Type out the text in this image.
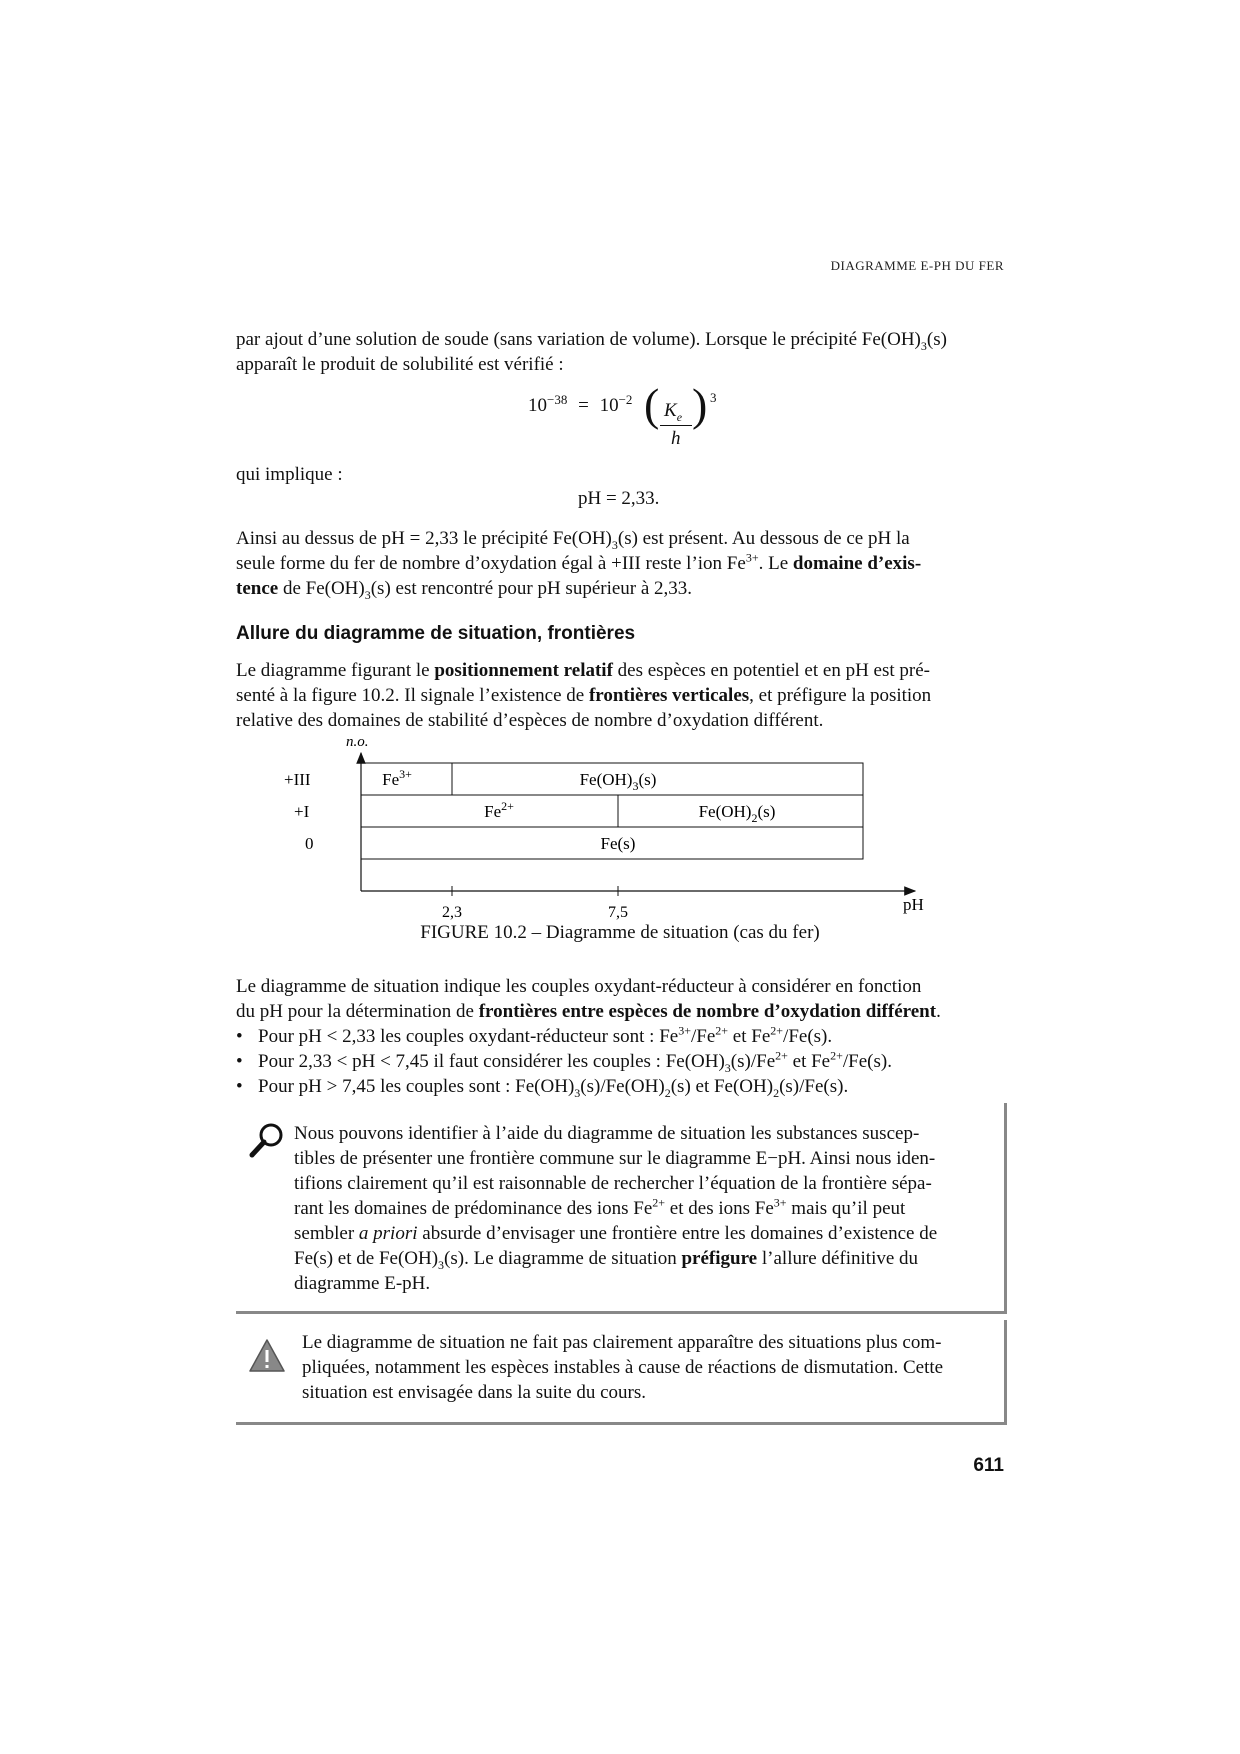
DIAGRAMME E-PH DU FER
par ajout d’une solution de soude (sans variation de volume). Lorsque le précipité $Fe(OH)_3(s)$
apparaît le produit de solubilité est vérifié :
$10^{-38} = 10^{-2}$ ( $K_e$
h
) 3
qui implique :
pH = 2,33.
Ainsi au dessus de pH = 2,33 le précipité $Fe(OH)_3(s)$ est présent. Au dessous de ce pH la
seule forme du fer de nombre d’oxydation égal à +III reste l’ion $Fe^{3+}$. Le domaine d’exis-
tence de $Fe(OH)_3(s)$ est rencontré pour pH supérieur à 2,33.
Allure du diagramme de situation, frontières
Le diagramme figurant le positionnement relatif des espèces en potentiel et en pH est pré-
senté à la figure 10.2. Il signale l’existence de frontières verticales, et préfigure la position
relative des domaines de stabilité d’espèces de nombre d’oxydation différent.
n.o.
pH
+III	$Fe^{3+}$	$Fe(OH)_3(s)$
+I	$Fe^{2+}$	$Fe(OH)_2(s)$
0	Fe(s)
2,3	7,5
FIGURE 10.2 – Diagramme de situation (cas du fer)
Le diagramme de situation indique les couples oxydant-réducteur à considérer en fonction
du pH pour la détermination de frontières entre espèces de nombre d’oxydation différent.
• Pour pH < 2,33 les couples oxydant-réducteur sont : $Fe^{3+}/Fe^{2+}$ et $Fe^{2+}/Fe(s)$.
• Pour 2,33 < pH < 7,45 il faut considérer les couples : $Fe(OH)_3(s)/Fe^{2+}$ et $Fe^{2+}/Fe(s)$.
• Pour pH > 7,45 les couples sont : $Fe(OH)_3(s)/Fe(OH)_2(s)$ et $Fe(OH)_2(s)/Fe(s)$.
Nous pouvons identifier à l’aide du diagramme de situation les substances suscep-
tibles de présenter une frontière commune sur le diagramme E−pH. Ainsi nous iden-
tifions clairement qu’il est raisonnable de rechercher l’équation de la frontière sépa-
rant les domaines de prédominance des ions $Fe^{2+}$ et des ions $Fe^{3+}$ mais qu’il peut
sembler a priori absurde d’envisager une frontière entre les domaines d’existence de
Fe(s) et de $Fe(OH)_3(s)$. Le diagramme de situation préfigure l’allure définitive du
diagramme E-pH.
Le diagramme de situation ne fait pas clairement apparaître des situations plus com-
pliquées, notamment les espèces instables à cause de réactions de dismutation. Cette
situation est envisagée dans la suite du cours.
611
